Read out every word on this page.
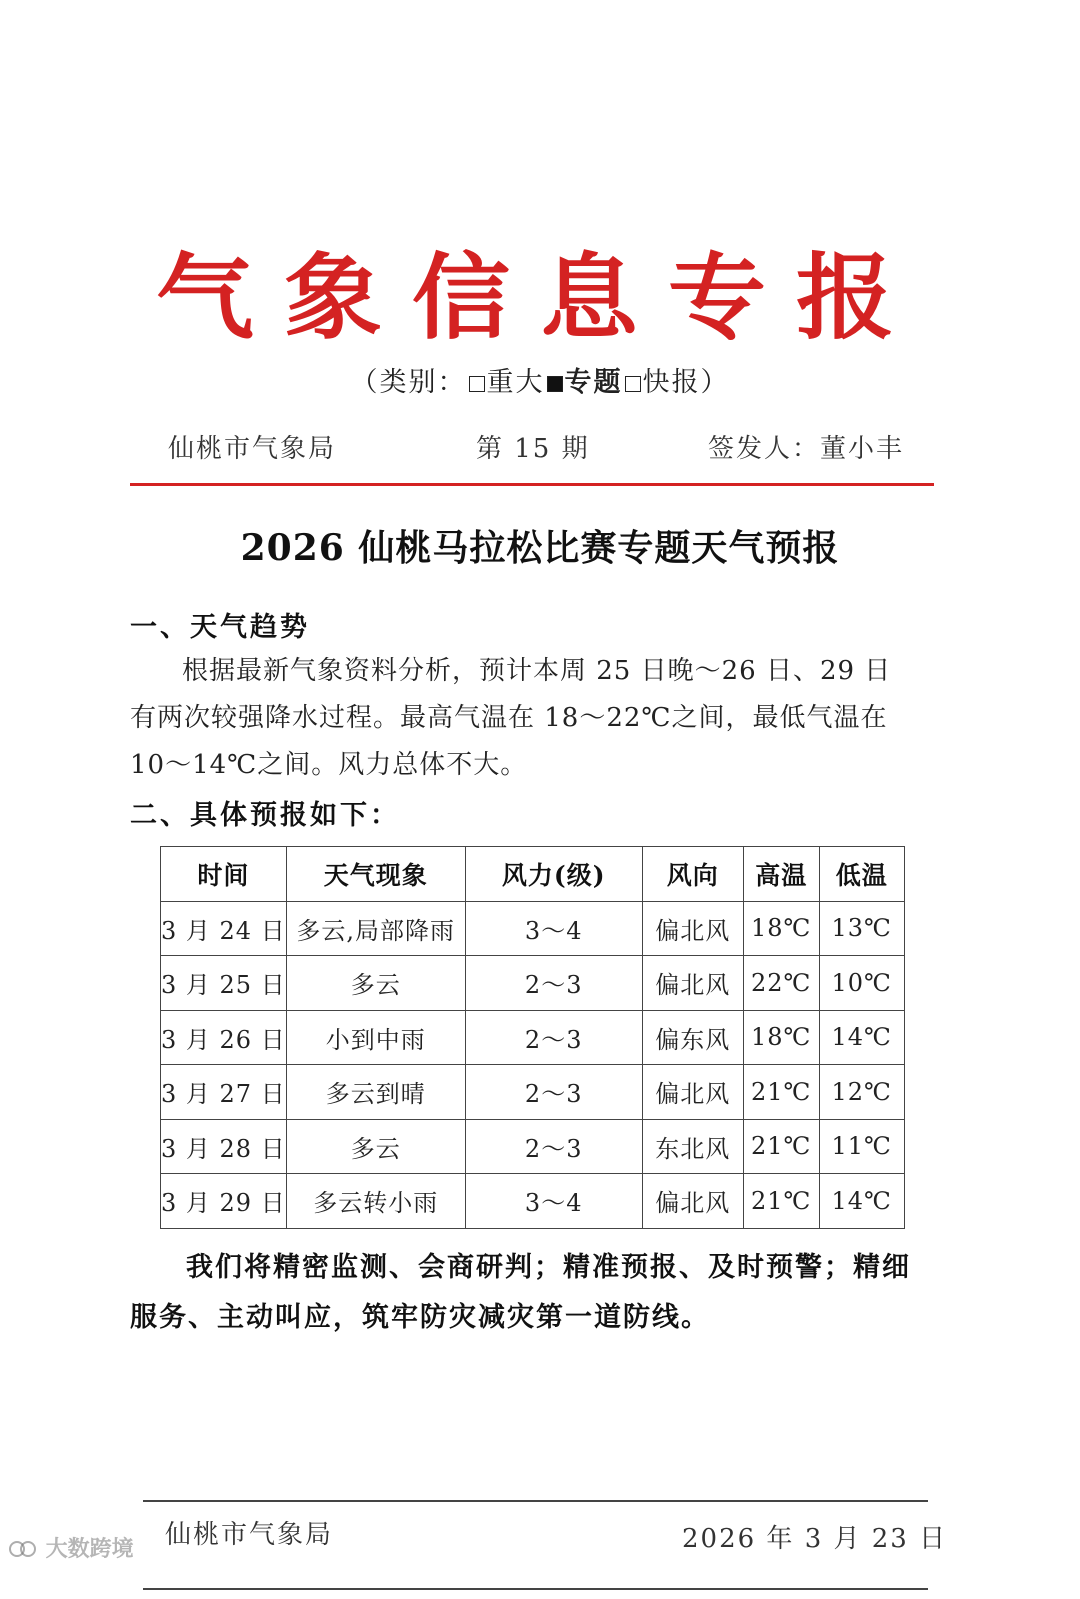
气象信息专报
（类别： 重大 专题 快报）
仙桃市气象局	第 15 期	签发人：董小丰
2026 仙桃马拉松比赛专题天气预报
一、天气趋势
根据最新气象资料分析，预计本周 25 日晚～26 日、29 日有两次较强降水过程。最高气温在 18～22℃之间，最低气温在 10～14℃之间。风力总体不大。
二、具体预报如下：
时间	天气现象	风力(级)	风向	高温	低温
3 月 24 日	多云,局部降雨	3～4	偏北风	18℃	13℃
3 月 25 日	多云	2～3	偏北风	22℃	10℃
3 月 26 日	小到中雨	2～3	偏东风	18℃	14℃
3 月 27 日	多云到晴	2～3	偏北风	21℃	12℃
3 月 28 日	多云	2～3	东北风	21℃	11℃
3 月 29 日	多云转小雨	3～4	偏北风	21℃	14℃
我们将精密监测、会商研判；精准预报、及时预警；精细服务、主动叫应，筑牢防灾减灾第一道防线。
仙桃市气象局	2026 年 3 月 23 日
大数跨境
